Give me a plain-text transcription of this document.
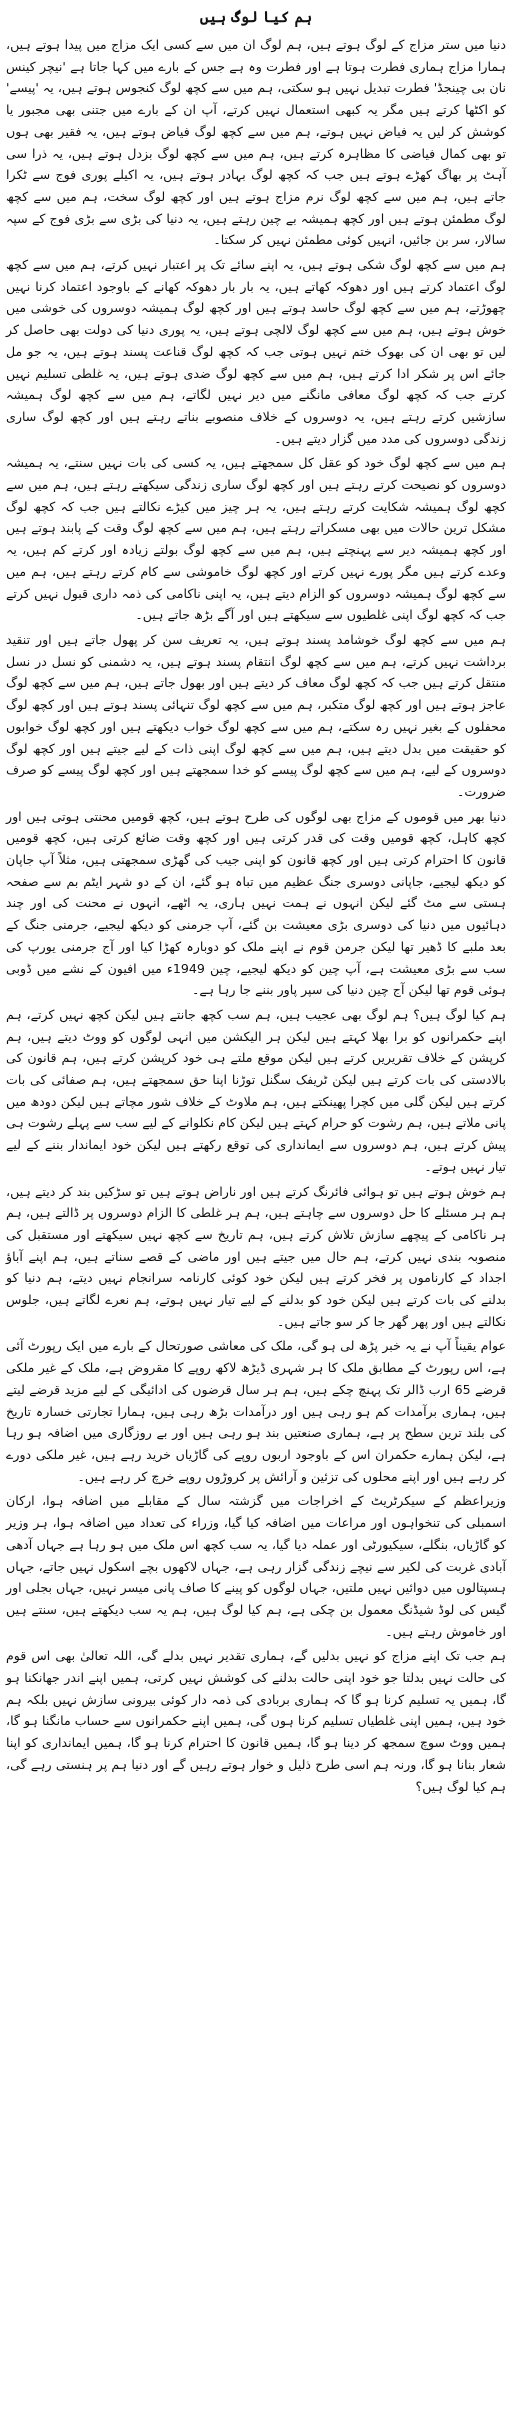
ہم کیا لوگ ہیں

دنیا میں ستر مزاج کے لوگ ہوتے ہیں، ہم لوگ ان میں سے کسی ایک مزاج میں پیدا ہوتے ہیں، ہمارا مزاج ہماری فطرت ہوتا ہے اور فطرت وہ ہے جس کے بارے میں کہا جاتا ہے 'نیچر کینس نان بی چینجڈ' فطرت تبدیل نہیں ہو سکتی، ہم میں سے کچھ لوگ کنجوس ہوتے ہیں، یہ 'پیسے' کو اکٹھا کرتے ہیں مگر یہ کبھی استعمال نہیں کرتے، آپ ان کے بارے میں جتنی بھی مجبور یا کوشش کر لیں یہ فیاض نہیں ہوتے، ہم میں سے کچھ لوگ فیاض ہوتے ہیں، یہ فقیر بھی ہوں تو بھی کمال فیاضی کا مظاہرہ کرتے ہیں، ہم میں سے کچھ لوگ بزدل ہوتے ہیں، یہ ذرا سی آہٹ پر بھاگ کھڑے ہوتے ہیں جب کہ کچھ لوگ بہادر ہوتے ہیں، یہ اکیلے پوری فوج سے ٹکرا جاتے ہیں، ہم میں سے کچھ لوگ نرم مزاج ہوتے ہیں اور کچھ لوگ سخت، ہم میں سے کچھ لوگ مطمئن ہوتے ہیں اور کچھ ہمیشہ بے چین رہتے ہیں، یہ دنیا کی بڑی سے بڑی فوج کے سپہ سالار، سر بن جائیں، انہیں کوئی مطمئن نہیں کر سکتا۔

ہم میں سے کچھ لوگ شکی ہوتے ہیں، یہ اپنے سائے تک پر اعتبار نہیں کرتے، ہم میں سے کچھ لوگ اعتماد کرتے ہیں اور دھوکہ کھاتے ہیں، یہ بار بار دھوکہ کھانے کے باوجود اعتماد کرنا نہیں چھوڑتے، ہم میں سے کچھ لوگ حاسد ہوتے ہیں اور کچھ لوگ ہمیشہ دوسروں کی خوشی میں خوش ہوتے ہیں، ہم میں سے کچھ لوگ لالچی ہوتے ہیں، یہ پوری دنیا کی دولت بھی حاصل کر لیں تو بھی ان کی بھوک ختم نہیں ہوتی جب کہ کچھ لوگ قناعت پسند ہوتے ہیں، یہ جو مل جائے اس پر شکر ادا کرتے ہیں، ہم میں سے کچھ لوگ ضدی ہوتے ہیں، یہ غلطی تسلیم نہیں کرتے جب کہ کچھ لوگ معافی مانگنے میں دیر نہیں لگاتے، ہم میں سے کچھ لوگ ہمیشہ سازشیں کرتے رہتے ہیں، یہ دوسروں کے خلاف منصوبے بناتے رہتے ہیں اور کچھ لوگ ساری زندگی دوسروں کی مدد میں گزار دیتے ہیں۔

ہم میں سے کچھ لوگ خود کو عقل کل سمجھتے ہیں، یہ کسی کی بات نہیں سنتے، یہ ہمیشہ دوسروں کو نصیحت کرتے رہتے ہیں اور کچھ لوگ ساری زندگی سیکھتے رہتے ہیں، ہم میں سے کچھ لوگ ہمیشہ شکایت کرتے رہتے ہیں، یہ ہر چیز میں کیڑے نکالتے ہیں جب کہ کچھ لوگ مشکل ترین حالات میں بھی مسکراتے رہتے ہیں، ہم میں سے کچھ لوگ وقت کے پابند ہوتے ہیں اور کچھ ہمیشہ دیر سے پہنچتے ہیں، ہم میں سے کچھ لوگ بولتے زیادہ اور کرتے کم ہیں، یہ وعدے کرتے ہیں مگر پورے نہیں کرتے اور کچھ لوگ خاموشی سے کام کرتے رہتے ہیں، ہم میں سے کچھ لوگ ہمیشہ دوسروں کو الزام دیتے ہیں، یہ اپنی ناکامی کی ذمہ داری قبول نہیں کرتے جب کہ کچھ لوگ اپنی غلطیوں سے سیکھتے ہیں اور آگے بڑھ جاتے ہیں۔

ہم میں سے کچھ لوگ خوشامد پسند ہوتے ہیں، یہ تعریف سن کر پھول جاتے ہیں اور تنقید برداشت نہیں کرتے، ہم میں سے کچھ لوگ انتقام پسند ہوتے ہیں، یہ دشمنی کو نسل در نسل منتقل کرتے ہیں جب کہ کچھ لوگ معاف کر دیتے ہیں اور بھول جاتے ہیں، ہم میں سے کچھ لوگ عاجز ہوتے ہیں اور کچھ لوگ متکبر، ہم میں سے کچھ لوگ تنہائی پسند ہوتے ہیں اور کچھ لوگ محفلوں کے بغیر نہیں رہ سکتے، ہم میں سے کچھ لوگ خواب دیکھتے ہیں اور کچھ لوگ خوابوں کو حقیقت میں بدل دیتے ہیں، ہم میں سے کچھ لوگ اپنی ذات کے لیے جیتے ہیں اور کچھ لوگ دوسروں کے لیے، ہم میں سے کچھ لوگ پیسے کو خدا سمجھتے ہیں اور کچھ لوگ پیسے کو صرف ضرورت۔

دنیا بھر میں قوموں کے مزاج بھی لوگوں کی طرح ہوتے ہیں، کچھ قومیں محنتی ہوتی ہیں اور کچھ کاہل، کچھ قومیں وقت کی قدر کرتی ہیں اور کچھ وقت ضائع کرتی ہیں، کچھ قومیں قانون کا احترام کرتی ہیں اور کچھ قانون کو اپنی جیب کی گھڑی سمجھتی ہیں، مثلاً آپ جاپان کو دیکھ لیجیے، جاپانی دوسری جنگ عظیم میں تباہ ہو گئے، ان کے دو شہر ایٹم بم سے صفحہ ہستی سے مٹ گئے لیکن انہوں نے ہمت نہیں ہاری، یہ اٹھے، انہوں نے محنت کی اور چند دہائیوں میں دنیا کی دوسری بڑی معیشت بن گئے، آپ جرمنی کو دیکھ لیجیے، جرمنی جنگ کے بعد ملبے کا ڈھیر تھا لیکن جرمن قوم نے اپنے ملک کو دوبارہ کھڑا کیا اور آج جرمنی یورپ کی سب سے بڑی معیشت ہے، آپ چین کو دیکھ لیجیے، چین 1949ء میں افیون کے نشے میں ڈوبی ہوئی قوم تھا لیکن آج چین دنیا کی سپر پاور بننے جا رہا ہے۔

ہم کیا لوگ ہیں؟ ہم لوگ بھی عجیب ہیں، ہم سب کچھ جانتے ہیں لیکن کچھ نہیں کرتے، ہم اپنے حکمرانوں کو برا بھلا کہتے ہیں لیکن ہر الیکشن میں انہی لوگوں کو ووٹ دیتے ہیں، ہم کرپشن کے خلاف تقریریں کرتے ہیں لیکن موقع ملتے ہی خود کرپشن کرتے ہیں، ہم قانون کی بالادستی کی بات کرتے ہیں لیکن ٹریفک سگنل توڑنا اپنا حق سمجھتے ہیں، ہم صفائی کی بات کرتے ہیں لیکن گلی میں کچرا پھینکتے ہیں، ہم ملاوٹ کے خلاف شور مچاتے ہیں لیکن دودھ میں پانی ملاتے ہیں، ہم رشوت کو حرام کہتے ہیں لیکن کام نکلوانے کے لیے سب سے پہلے رشوت ہی پیش کرتے ہیں، ہم دوسروں سے ایمانداری کی توقع رکھتے ہیں لیکن خود ایماندار بننے کے لیے تیار نہیں ہوتے۔

ہم خوش ہوتے ہیں تو ہوائی فائرنگ کرتے ہیں اور ناراض ہوتے ہیں تو سڑکیں بند کر دیتے ہیں، ہم ہر مسئلے کا حل دوسروں سے چاہتے ہیں، ہم ہر غلطی کا الزام دوسروں پر ڈالتے ہیں، ہم ہر ناکامی کے پیچھے سازش تلاش کرتے ہیں، ہم تاریخ سے کچھ نہیں سیکھتے اور مستقبل کی منصوبہ بندی نہیں کرتے، ہم حال میں جیتے ہیں اور ماضی کے قصے سناتے ہیں، ہم اپنے آباؤ اجداد کے کارناموں پر فخر کرتے ہیں لیکن خود کوئی کارنامہ سرانجام نہیں دیتے، ہم دنیا کو بدلنے کی بات کرتے ہیں لیکن خود کو بدلنے کے لیے تیار نہیں ہوتے، ہم نعرے لگاتے ہیں، جلوس نکالتے ہیں اور پھر گھر جا کر سو جاتے ہیں۔

عوام یقیناً آپ نے یہ خبر پڑھ لی ہو گی، ملک کی معاشی صورتحال کے بارے میں ایک رپورٹ آئی ہے، اس رپورٹ کے مطابق ملک کا ہر شہری ڈیڑھ لاکھ روپے کا مقروض ہے، ملک کے غیر ملکی قرضے 65 ارب ڈالر تک پہنچ چکے ہیں، ہم ہر سال قرضوں کی ادائیگی کے لیے مزید قرضے لیتے ہیں، ہماری برآمدات کم ہو رہی ہیں اور درآمدات بڑھ رہی ہیں، ہمارا تجارتی خسارہ تاریخ کی بلند ترین سطح پر ہے، ہماری صنعتیں بند ہو رہی ہیں اور بے روزگاری میں اضافہ ہو رہا ہے، لیکن ہمارے حکمران اس کے باوجود اربوں روپے کی گاڑیاں خرید رہے ہیں، غیر ملکی دورے کر رہے ہیں اور اپنے محلوں کی تزئین و آرائش پر کروڑوں روپے خرچ کر رہے ہیں۔

وزیراعظم کے سیکرٹریٹ کے اخراجات میں گزشتہ سال کے مقابلے میں اضافہ ہوا، ارکان اسمبلی کی تنخواہوں اور مراعات میں اضافہ کیا گیا، وزراء کی تعداد میں اضافہ ہوا، ہر وزیر کو گاڑیاں، بنگلے، سیکیورٹی اور عملہ دیا گیا، یہ سب کچھ اس ملک میں ہو رہا ہے جہاں آدھی آبادی غربت کی لکیر سے نیچے زندگی گزار رہی ہے، جہاں لاکھوں بچے اسکول نہیں جاتے، جہاں ہسپتالوں میں دوائیں نہیں ملتیں، جہاں لوگوں کو پینے کا صاف پانی میسر نہیں، جہاں بجلی اور گیس کی لوڈ شیڈنگ معمول بن چکی ہے، ہم کیا لوگ ہیں، ہم یہ سب دیکھتے ہیں، سنتے ہیں اور خاموش رہتے ہیں۔

ہم جب تک اپنے مزاج کو نہیں بدلیں گے، ہماری تقدیر نہیں بدلے گی، اللہ تعالیٰ بھی اس قوم کی حالت نہیں بدلتا جو خود اپنی حالت بدلنے کی کوشش نہیں کرتی، ہمیں اپنے اندر جھانکنا ہو گا، ہمیں یہ تسلیم کرنا ہو گا کہ ہماری بربادی کی ذمہ دار کوئی بیرونی سازش نہیں بلکہ ہم خود ہیں، ہمیں اپنی غلطیاں تسلیم کرنا ہوں گی، ہمیں اپنے حکمرانوں سے حساب مانگنا ہو گا، ہمیں ووٹ سوچ سمجھ کر دینا ہو گا، ہمیں قانون کا احترام کرنا ہو گا، ہمیں ایمانداری کو اپنا شعار بنانا ہو گا، ورنہ ہم اسی طرح ذلیل و خوار ہوتے رہیں گے اور دنیا ہم پر ہنستی رہے گی، ہم کیا لوگ ہیں؟
